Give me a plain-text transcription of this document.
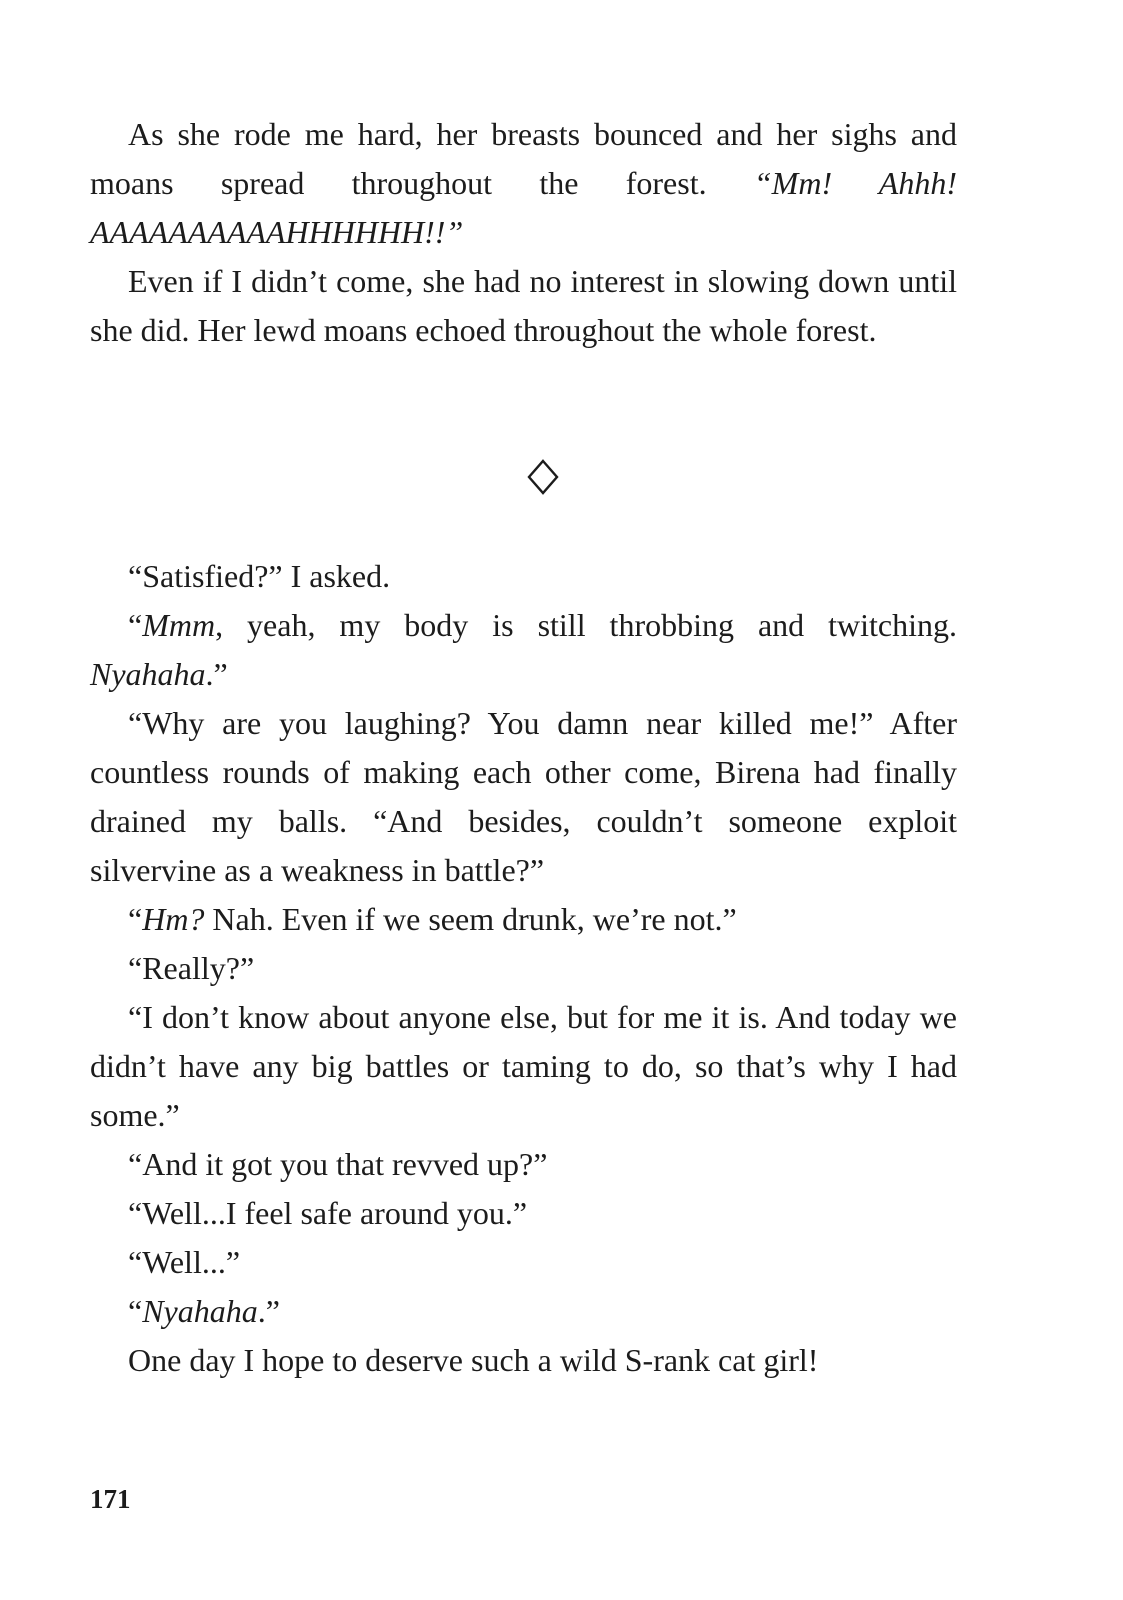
As she rode me hard, her breasts bounced and her sighs and moans spread throughout the forest. “Mm! Ahhh! AAAAAAAAAAHHHHHH!!”

Even if I didn’t come, she had no interest in slowing down until she did. Her lewd moans echoed throughout the whole forest.

“Satisfied?” I asked.

“Mmm, yeah, my body is still throbbing and twitching. Nyahaha.”

“Why are you laughing? You damn near killed me!” After countless rounds of making each other come, Birena had finally drained my balls. “And besides, couldn’t someone exploit silvervine as a weakness in battle?”

“Hm? Nah. Even if we seem drunk, we’re not.”

“Really?”

“I don’t know about anyone else, but for me it is. And today we didn’t have any big battles or taming to do, so that’s why I had some.”

“And it got you that revved up?”

“Well...I feel safe around you.”

“Well...”

“Nyahaha.”

One day I hope to deserve such a wild S-rank cat girl!

171
